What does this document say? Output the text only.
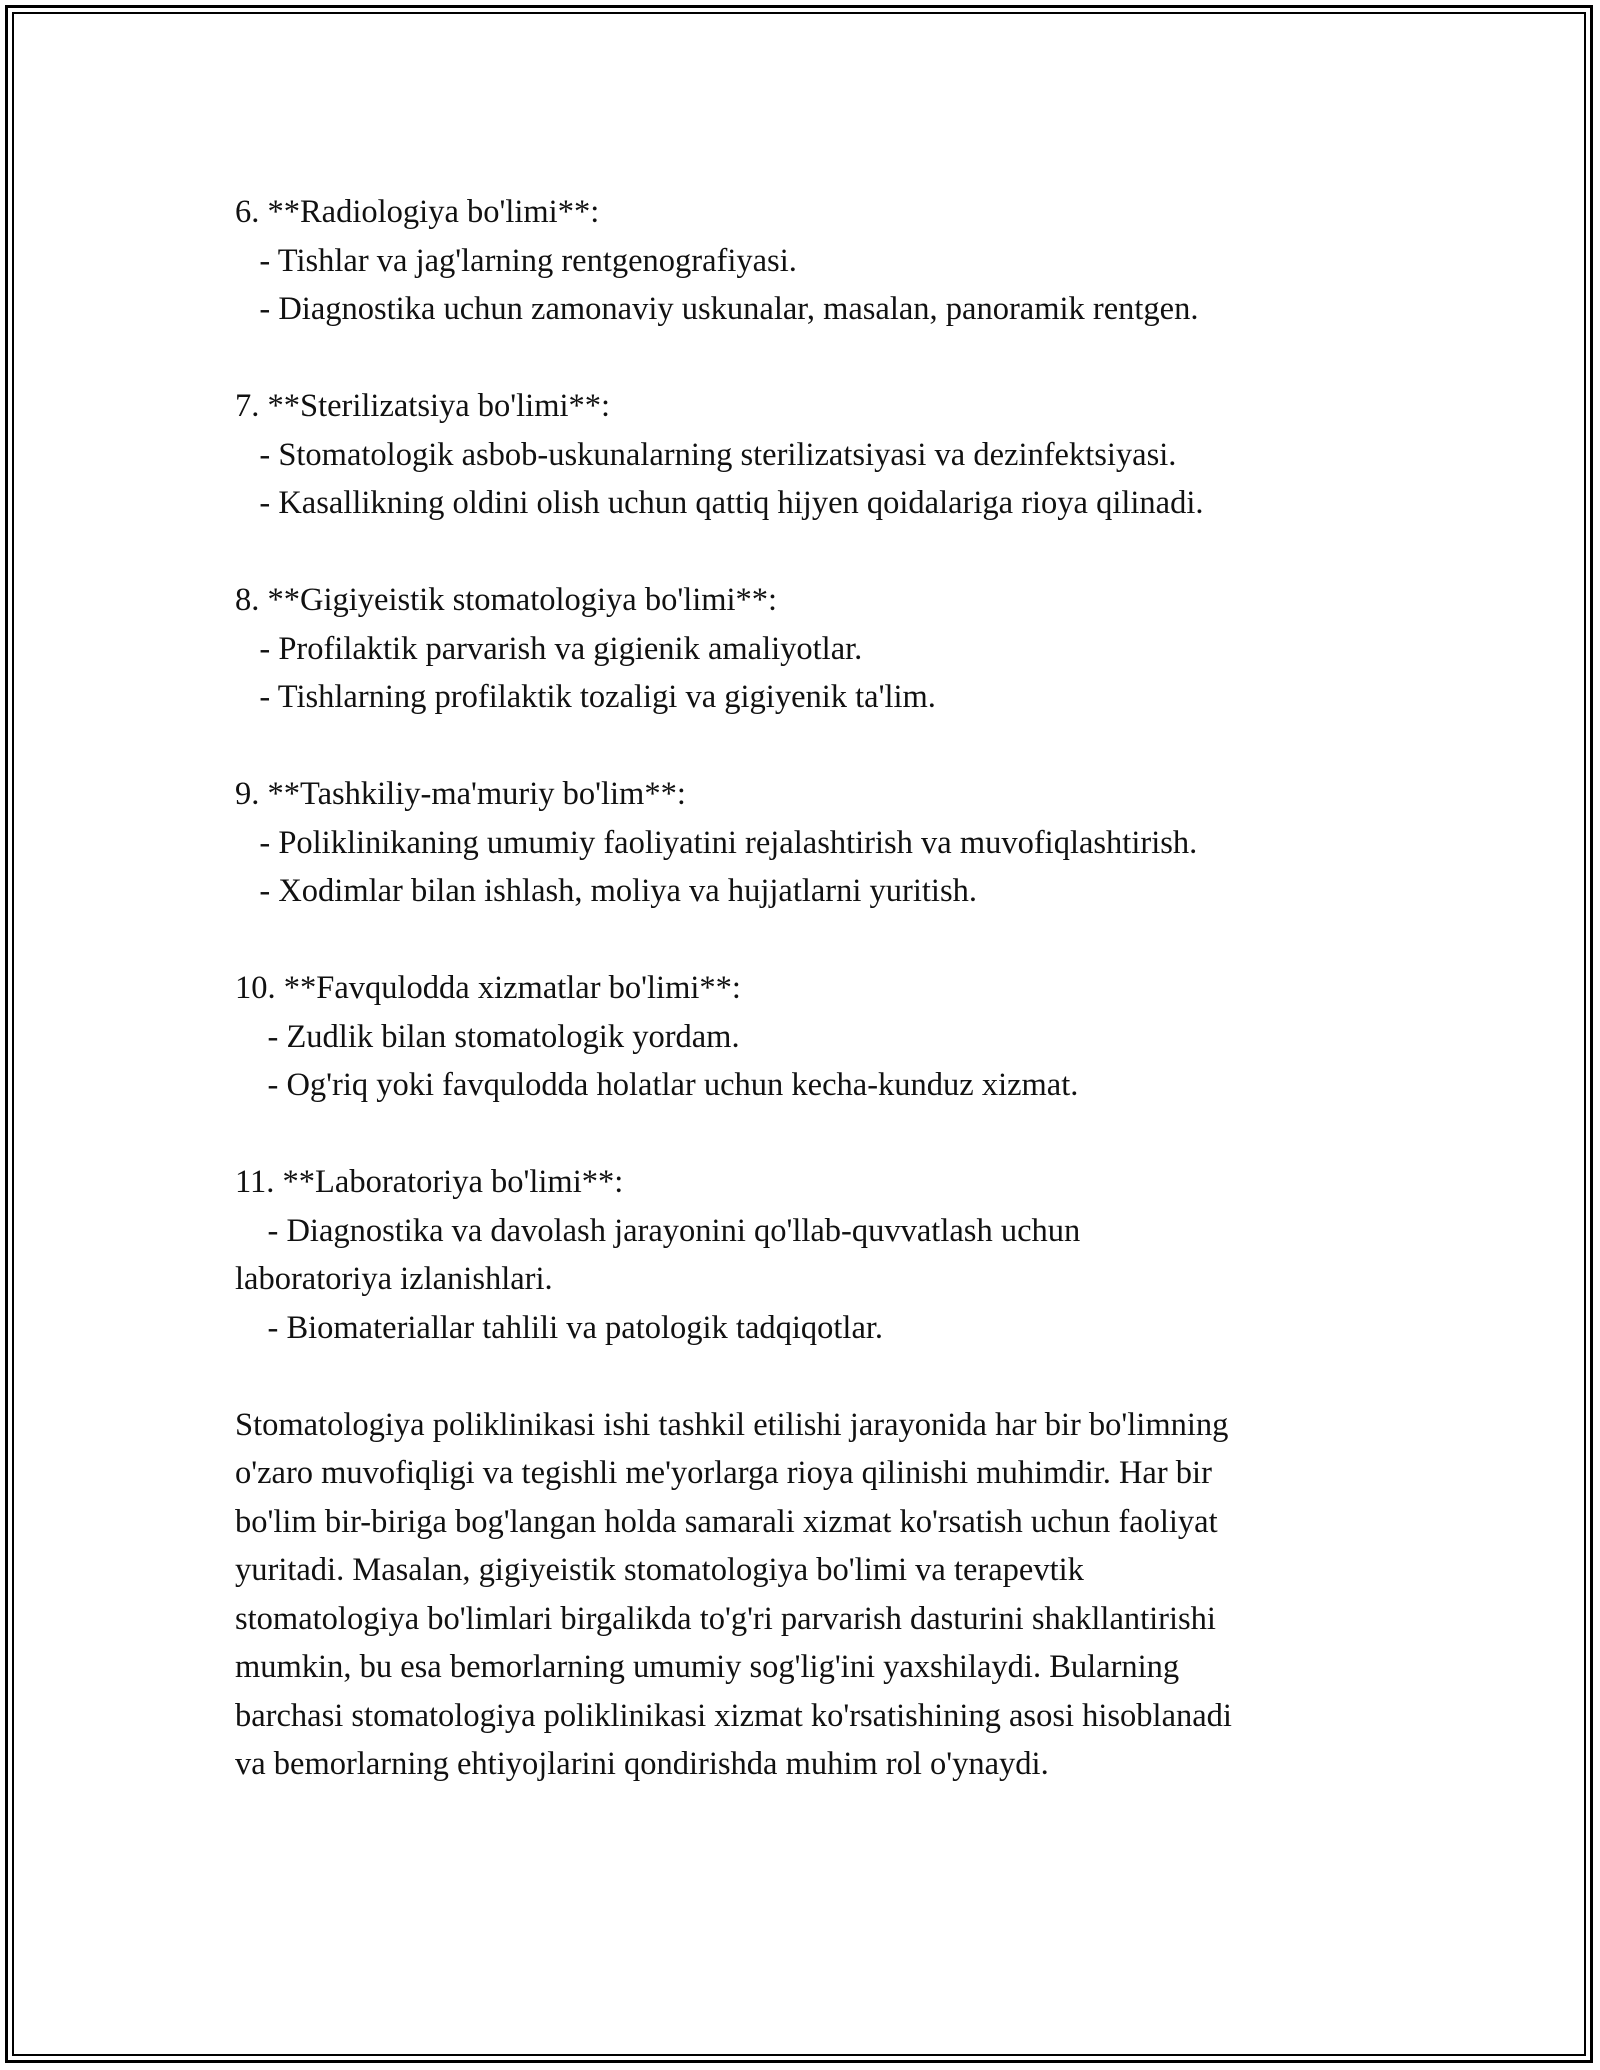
6. **Radiologiya bo'limi**:
- Tishlar va jag'larning rentgenografiyasi.
- Diagnostika uchun zamonaviy uskunalar, masalan, panoramik rentgen.
7. **Sterilizatsiya bo'limi**:
- Stomatologik asbob-uskunalarning sterilizatsiyasi va dezinfektsiyasi.
- Kasallikning oldini olish uchun qattiq hijyen qoidalariga rioya qilinadi.
8. **Gigiyeistik stomatologiya bo'limi**:
- Profilaktik parvarish va gigienik amaliyotlar.
- Tishlarning profilaktik tozaligi va gigiyenik ta'lim.
9. **Tashkiliy-ma'muriy bo'lim**:
- Poliklinikaning umumiy faoliyatini rejalashtirish va muvofiqlashtirish.
- Xodimlar bilan ishlash, moliya va hujjatlarni yuritish.
10. **Favqulodda xizmatlar bo'limi**:
- Zudlik bilan stomatologik yordam.
- Og'riq yoki favqulodda holatlar uchun kecha-kunduz xizmat.
11. **Laboratoriya bo'limi**:
- Diagnostika va davolash jarayonini qo'llab-quvvatlash uchun
laboratoriya izlanishlari.
- Biomateriallar tahlili va patologik tadqiqotlar.
Stomatologiya poliklinikasi ishi tashkil etilishi jarayonida har bir bo'limning
o'zaro muvofiqligi va tegishli me'yorlarga rioya qilinishi muhimdir. Har bir
bo'lim bir-biriga bog'langan holda samarali xizmat ko'rsatish uchun faoliyat
yuritadi. Masalan, gigiyeistik stomatologiya bo'limi va terapevtik
stomatologiya bo'limlari birgalikda to'g'ri parvarish dasturini shakllantirishi
mumkin, bu esa bemorlarning umumiy sog'lig'ini yaxshilaydi. Bularning
barchasi stomatologiya poliklinikasi xizmat ko'rsatishining asosi hisoblanadi
va bemorlarning ehtiyojlarini qondirishda muhim rol o'ynaydi.
